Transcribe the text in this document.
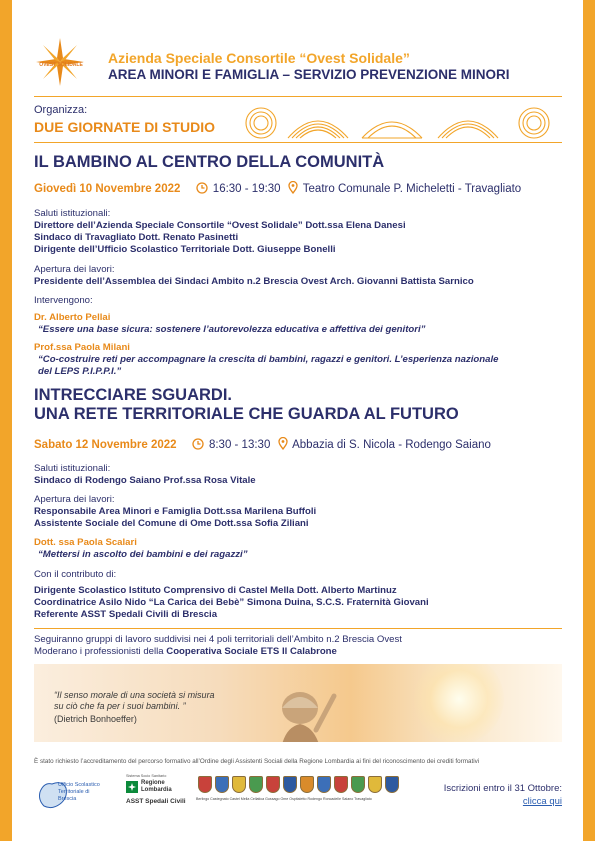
OVEST SOLIDALE	Azienda Speciale Consortile “Ovest Solidale”
AREA MINORI E FAMIGLIA – SERVIZIO PREVENZIONE MINORI
Organizza:
DUE GIORNATE DI STUDIO
IL BAMBINO AL CENTRO DELLA COMUNITÀ
Giovedì 10 Novembre 2022	16:30 - 19:30 Teatro Comunale P. Micheletti - Travagliato
Saluti istituzionali:
Direttore dell’Azienda Speciale Consortile “Ovest Solidale” Dott.ssa Elena Danesi
Sindaco di Travagliato Dott. Renato Pasinetti
Dirigente dell’Ufficio Scolastico Territoriale Dott. Giuseppe Bonelli
Apertura dei lavori:
Presidente dell’Assemblea dei Sindaci Ambito n.2 Brescia Ovest Arch. Giovanni Battista Sarnico
Intervengono:
Dr. Alberto Pellai
“Essere una base sicura: sostenere l’autorevolezza educativa e affettiva dei genitori”
Prof.ssa Paola Milani
“Co-costruire reti per accompagnare la crescita di bambini, ragazzi e genitori. L’esperienza nazionale
del LEPS P.I.P.P.I.”
INTRECCIARE SGUARDI.
UNA RETE TERRITORIALE CHE GUARDA AL FUTURO
Sabato 12 Novembre 2022	8:30 - 13:30 Abbazia di S. Nicola - Rodengo Saiano
Saluti istituzionali:
Sindaco di Rodengo Saiano Prof.ssa Rosa Vitale
Apertura dei lavori:
Responsabile Area Minori e Famiglia Dott.ssa Marilena Buffoli
Assistente Sociale del Comune di Ome Dott.ssa Sofia Ziliani
Dott. ssa Paola Scalari
“Mettersi in ascolto dei bambini e dei ragazzi”
Con il contributo di:
Dirigente Scolastico Istituto Comprensivo di Castel Mella Dott. Alberto Martinuz
Coordinatrice Asilo Nido “La Carica dei Bebè” Simona Duina, S.C.S. Fraternità Giovani
Referente ASST Spedali Civili di Brescia
Seguiranno gruppi di lavoro suddivisi nei 4 poli territoriali dell’Ambito n.2 Brescia Ovest
Moderano i professionisti della Cooperativa Sociale ETS Il Calabrone
“Il senso morale di una società si misura
su ciò che fa per i suoi bambini. ”
(Dietrich Bonhoeffer)
È stato richiesto l’accreditamento del percorso formativo all’Ordine degli Assistenti Sociali della Regione Lombardia ai fini del riconoscimento dei crediti formativi
Ufficio Scolastico Territoriale di Brescia
Sistema Socio Sanitario
Regione Lombardia
ASST Spedali Civili	Berlingo Castegnato Castel Mella Cellatica Gussago Ome Ospitaletto Rodengo Roncadelle Saiano Travagliato
Iscrizioni entro il 31 Ottobre:
clicca qui
